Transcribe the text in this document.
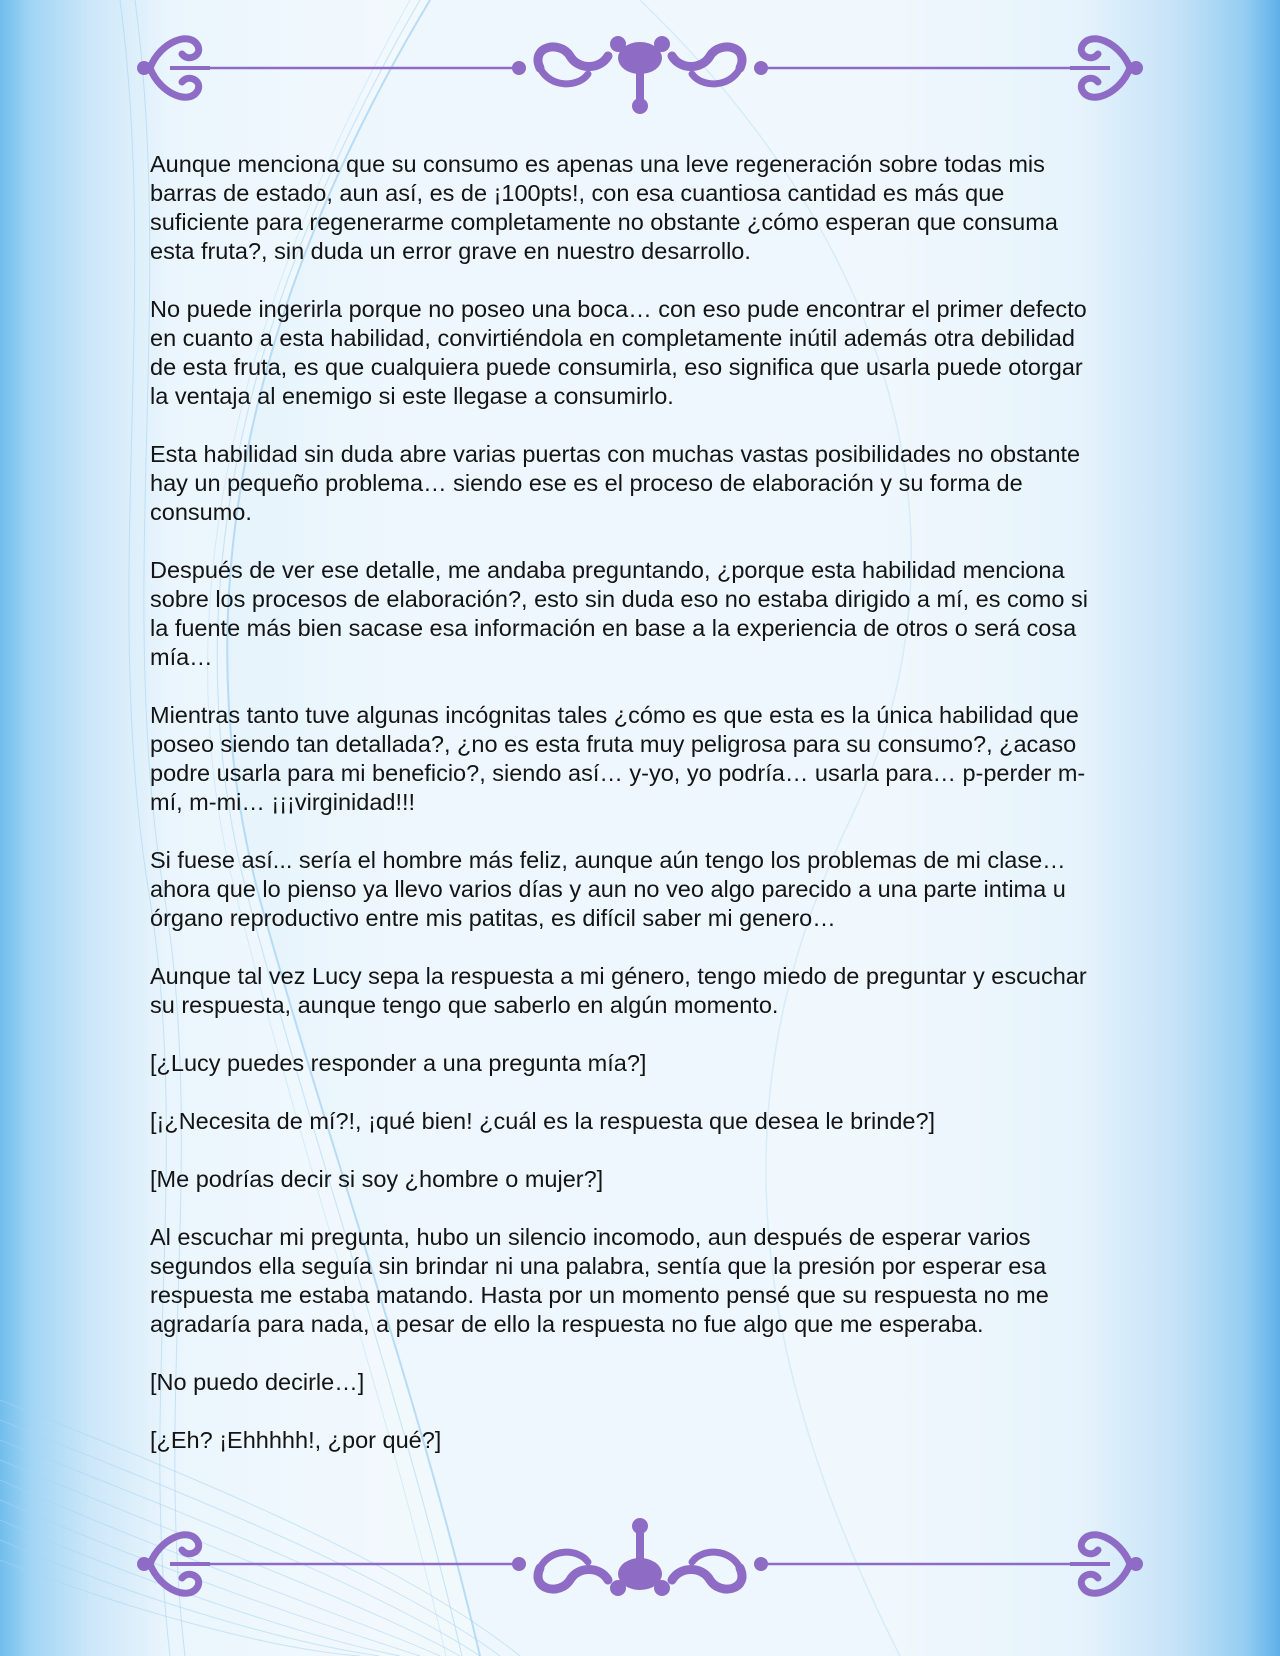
Aunque menciona que su consumo es apenas una leve regeneración sobre todas mis barras de estado, aun así, es de ¡100pts!, con esa cuantiosa cantidad es más que suficiente para regenerarme completamente no obstante ¿cómo esperan que consuma esta fruta?, sin duda un error grave en nuestro desarrollo.

No puede ingerirla porque no poseo una boca… con eso pude encontrar el primer defecto en cuanto a esta habilidad, convirtiéndola en completamente inútil además otra debilidad de esta fruta, es que cualquiera puede consumirla, eso significa que usarla puede otorgar la ventaja al enemigo si este llegase a consumirlo.

Esta habilidad sin duda abre varias puertas con muchas vastas posibilidades no obstante hay un pequeño problema… siendo ese es el proceso de elaboración y su forma de consumo.

Después de ver ese detalle, me andaba preguntando, ¿porque esta habilidad menciona sobre los procesos de elaboración?, esto sin duda eso no estaba dirigido a mí, es como si la fuente más bien sacase esa información en base a la experiencia de otros o será cosa mía…

Mientras tanto tuve algunas incógnitas tales ¿cómo es que esta es la única habilidad que poseo siendo tan detallada?, ¿no es esta fruta muy peligrosa para su consumo?, ¿acaso podre usarla para mi beneficio?, siendo así… y-yo, yo podría… usarla para… p-perder m-mí, m-mi… ¡¡¡virginidad!!!

Si fuese así... sería el hombre más feliz, aunque aún tengo los problemas de mi clase… ahora que lo pienso ya llevo varios días y aun no veo algo parecido a una parte intima u órgano reproductivo entre mis patitas, es difícil saber mi genero…

Aunque tal vez Lucy sepa la respuesta a mi género, tengo miedo de preguntar y escuchar su respuesta, aunque tengo que saberlo en algún momento.

[¿Lucy puedes responder a una pregunta mía?]

[¡¿Necesita de mí?!, ¡qué bien! ¿cuál es la respuesta que desea le brinde?]

[Me podrías decir si soy ¿hombre o mujer?]

Al escuchar mi pregunta, hubo un silencio incomodo, aun después de esperar varios segundos ella seguía sin brindar ni una palabra, sentía que la presión por esperar esa respuesta me estaba matando. Hasta por un momento pensé que su respuesta no me agradaría para nada, a pesar de ello la respuesta no fue algo que me esperaba.

[No puedo decirle…]

[¿Eh? ¡Ehhhhh!, ¿por qué?]
